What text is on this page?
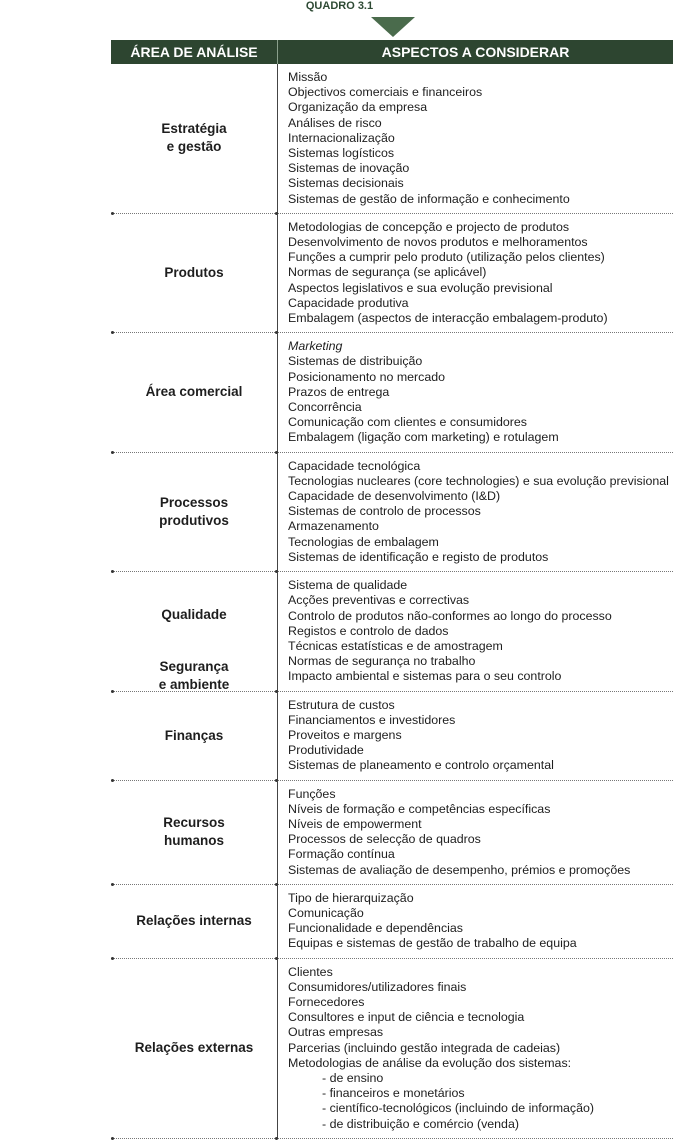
QUADRO 3.1
ÁREA DE ANÁLISE	ASPECTOS A CONSIDERAR
Estratégia
e gestão
Missão
Objectivos comerciais e financeiros
Organização da empresa
Análises de risco
Internacionalização
Sistemas logísticos
Sistemas de inovação
Sistemas decisionais
Sistemas de gestão de informação e conhecimento
Produtos
Metodologias de concepção e projecto de produtos
Desenvolvimento de novos produtos e melhoramentos
Funções a cumprir pelo produto (utilização pelos clientes)
Normas de segurança (se aplicável)
Aspectos legislativos e sua evolução previsional
Capacidade produtiva
Embalagem (aspectos de interacção embalagem-produto)
Área comercial
Marketing
Sistemas de distribuição
Posicionamento no mercado
Prazos de entrega
Concorrência
Comunicação com clientes e consumidores
Embalagem (ligação com marketing) e rotulagem
Processos
produtivos
Capacidade tecnológica
Tecnologias nucleares (core technologies) e sua evolução previsional
Capacidade de desenvolvimento (I&D)
Sistemas de controlo de processos
Armazenamento
Tecnologias de embalagem
Sistemas de identificação e registo de produtos
Qualidade
Segurança
e ambiente
Sistema de qualidade
Acções preventivas e correctivas
Controlo de produtos não-conformes ao longo do processo
Registos e controlo de dados
Técnicas estatísticas e de amostragem
Normas de segurança no trabalho
Impacto ambiental e sistemas para o seu controlo
Finanças
Estrutura de custos
Financiamentos e investidores
Proveitos e margens
Produtividade
Sistemas de planeamento e controlo orçamental
Recursos
humanos
Funções
Níveis de formação e competências específicas
Níveis de empowerment
Processos de selecção de quadros
Formação contínua
Sistemas de avaliação de desempenho, prémios e promoções
Relações internas
Tipo de hierarquização
Comunicação
Funcionalidade e dependências
Equipas e sistemas de gestão de trabalho de equipa
Relações externas
Clientes
Consumidores/utilizadores finais
Fornecedores
Consultores e input de ciência e tecnologia
Outras empresas
Parcerias (incluindo gestão integrada de cadeias)
Metodologias de análise da evolução dos sistemas:
- de ensino
- financeiros e monetários
- científico-tecnológicos (incluindo de informação)
- de distribuição e comércio (venda)
